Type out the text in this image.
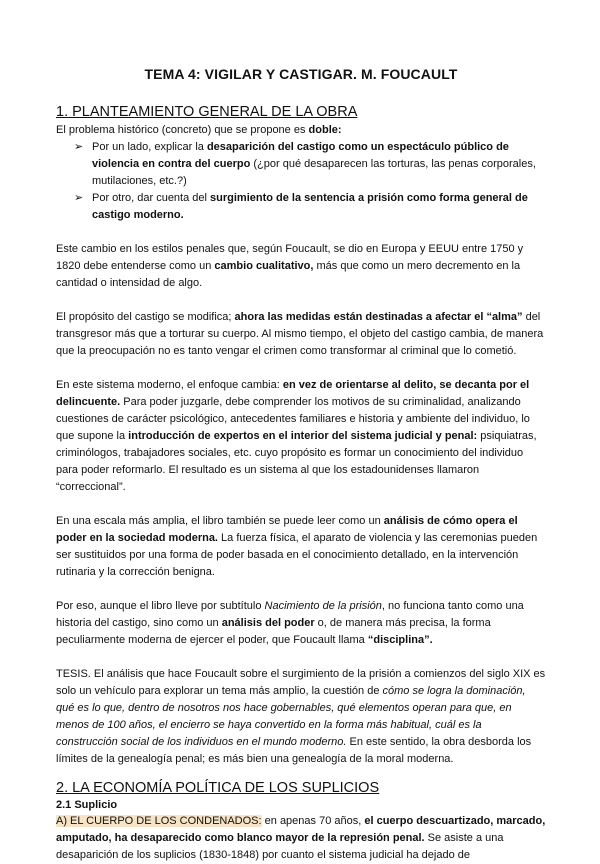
TEMA 4: VIGILAR Y CASTIGAR. M. FOUCAULT
1. PLANTEAMIENTO GENERAL DE LA OBRA

El problema histórico (concreto) que se propone es doble:

➢ Por un lado, explicar la desaparición del castigo como un espectáculo público de violencia en contra del cuerpo (¿por qué desaparecen las torturas, las penas corporales, mutilaciones, etc.?)
➢ Por otro, dar cuenta del surgimiento de la sentencia a prisión como forma general de castigo moderno.

Este cambio en los estilos penales que, según Foucault, se dio en Europa y EEUU entre 1750 y 1820 debe entenderse como un cambio cualitativo, más que como un mero decremento en la cantidad o intensidad de algo.

El propósito del castigo se modifica; ahora las medidas están destinadas a afectar el “alma” del transgresor más que a torturar su cuerpo. Al mismo tiempo, el objeto del castigo cambia, de manera que la preocupación no es tanto vengar el crimen como transformar al criminal que lo cometió.

En este sistema moderno, el enfoque cambia: en vez de orientarse al delito, se decanta por el delincuente. Para poder juzgarle, debe comprender los motivos de su criminalidad, analizando cuestiones de carácter psicológico, antecedentes familiares e historia y ambiente del individuo, lo que supone la introducción de expertos en el interior del sistema judicial y penal: psiquiatras, criminólogos, trabajadores sociales, etc. cuyo propósito es formar un conocimiento del individuo para poder reformarlo. El resultado es un sistema al que los estadounidenses llamaron “correccional”.

En una escala más amplia, el libro también se puede leer como un análisis de cómo opera el poder en la sociedad moderna. La fuerza física, el aparato de violencia y las ceremonias pueden ser sustituidos por una forma de poder basada en el conocimiento detallado, en la intervención rutinaria y la corrección benigna.

Por eso, aunque el libro lleve por subtítulo Nacimiento de la prisión, no funciona tanto como una historia del castigo, sino como un análisis del poder o, de manera más precisa, la forma peculiarmente moderna de ejercer el poder, que Foucault llama “disciplina”.

TESIS. El análisis que hace Foucault sobre el surgimiento de la prisión a comienzos del siglo XIX es solo un vehículo para explorar un tema más amplio, la cuestión de cómo se logra la dominación, qué es lo que, dentro de nosotros nos hace gobernables, qué elementos operan para que, en menos de 100 años, el encierro se haya convertido en la forma más habitual, cuál es la construcción social de los individuos en el mundo moderno. En este sentido, la obra desborda los límites de la genealogía penal; es más bien una genealogía de la moral moderna.

2. LA ECONOMÍA POLÍTICA DE LOS SUPLICIOS
2.1 Suplicio

A) EL CUERPO DE LOS CONDENADOS: en apenas 70 años, el cuerpo descuartizado, marcado, amputado, ha desaparecido como blanco mayor de la represión penal. Se asiste a una desaparición de los suplicios (1830-1848) por cuanto el sistema judicial ha dejado de
